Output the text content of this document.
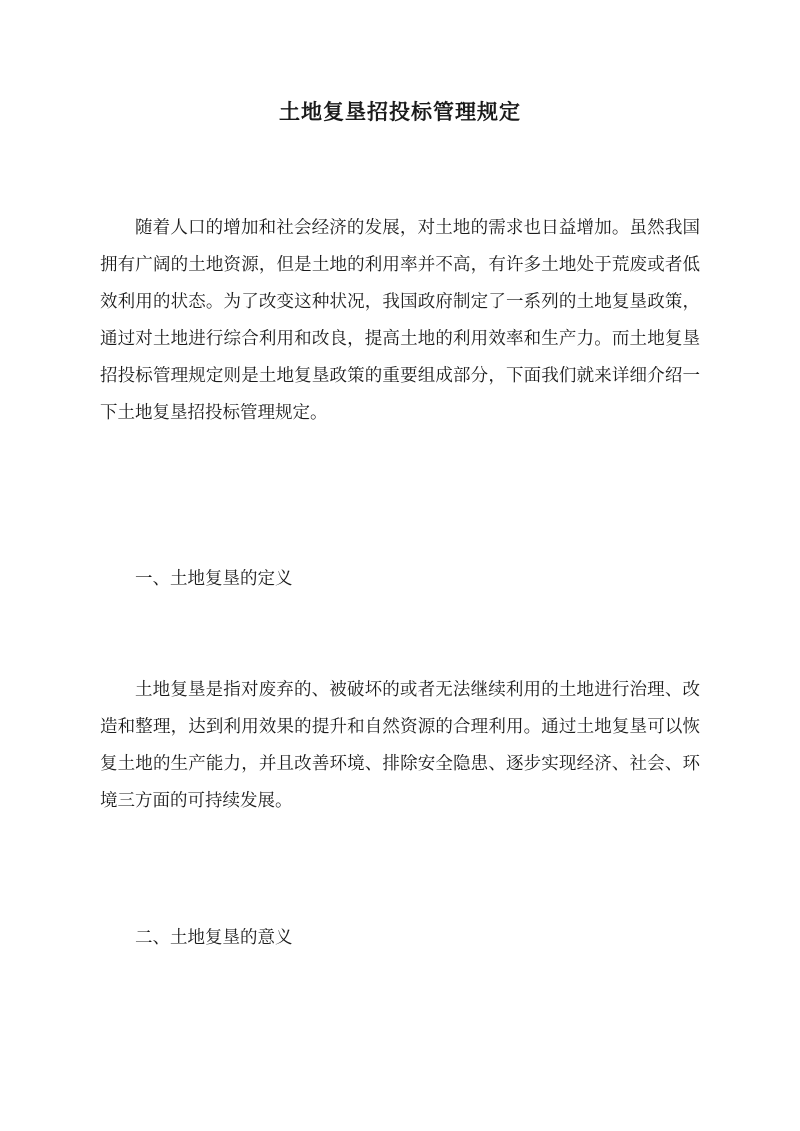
土地复垦招投标管理规定

随着人口的增加和社会经济的发展，对土地的需求也日益增加。虽然我国拥有广阔的土地资源，但是土地的利用率并不高，有许多土地处于荒废或者低效利用的状态。为了改变这种状况，我国政府制定了一系列的土地复垦政策，通过对土地进行综合利用和改良，提高土地的利用效率和生产力。而土地复垦招投标管理规定则是土地复垦政策的重要组成部分，下面我们就来详细介绍一下土地复垦招投标管理规定。

一、土地复垦的定义

土地复垦是指对废弃的、被破坏的或者无法继续利用的土地进行治理、改造和整理，达到利用效果的提升和自然资源的合理利用。通过土地复垦可以恢复土地的生产能力，并且改善环境、排除安全隐患、逐步实现经济、社会、环境三方面的可持续发展。

二、土地复垦的意义
